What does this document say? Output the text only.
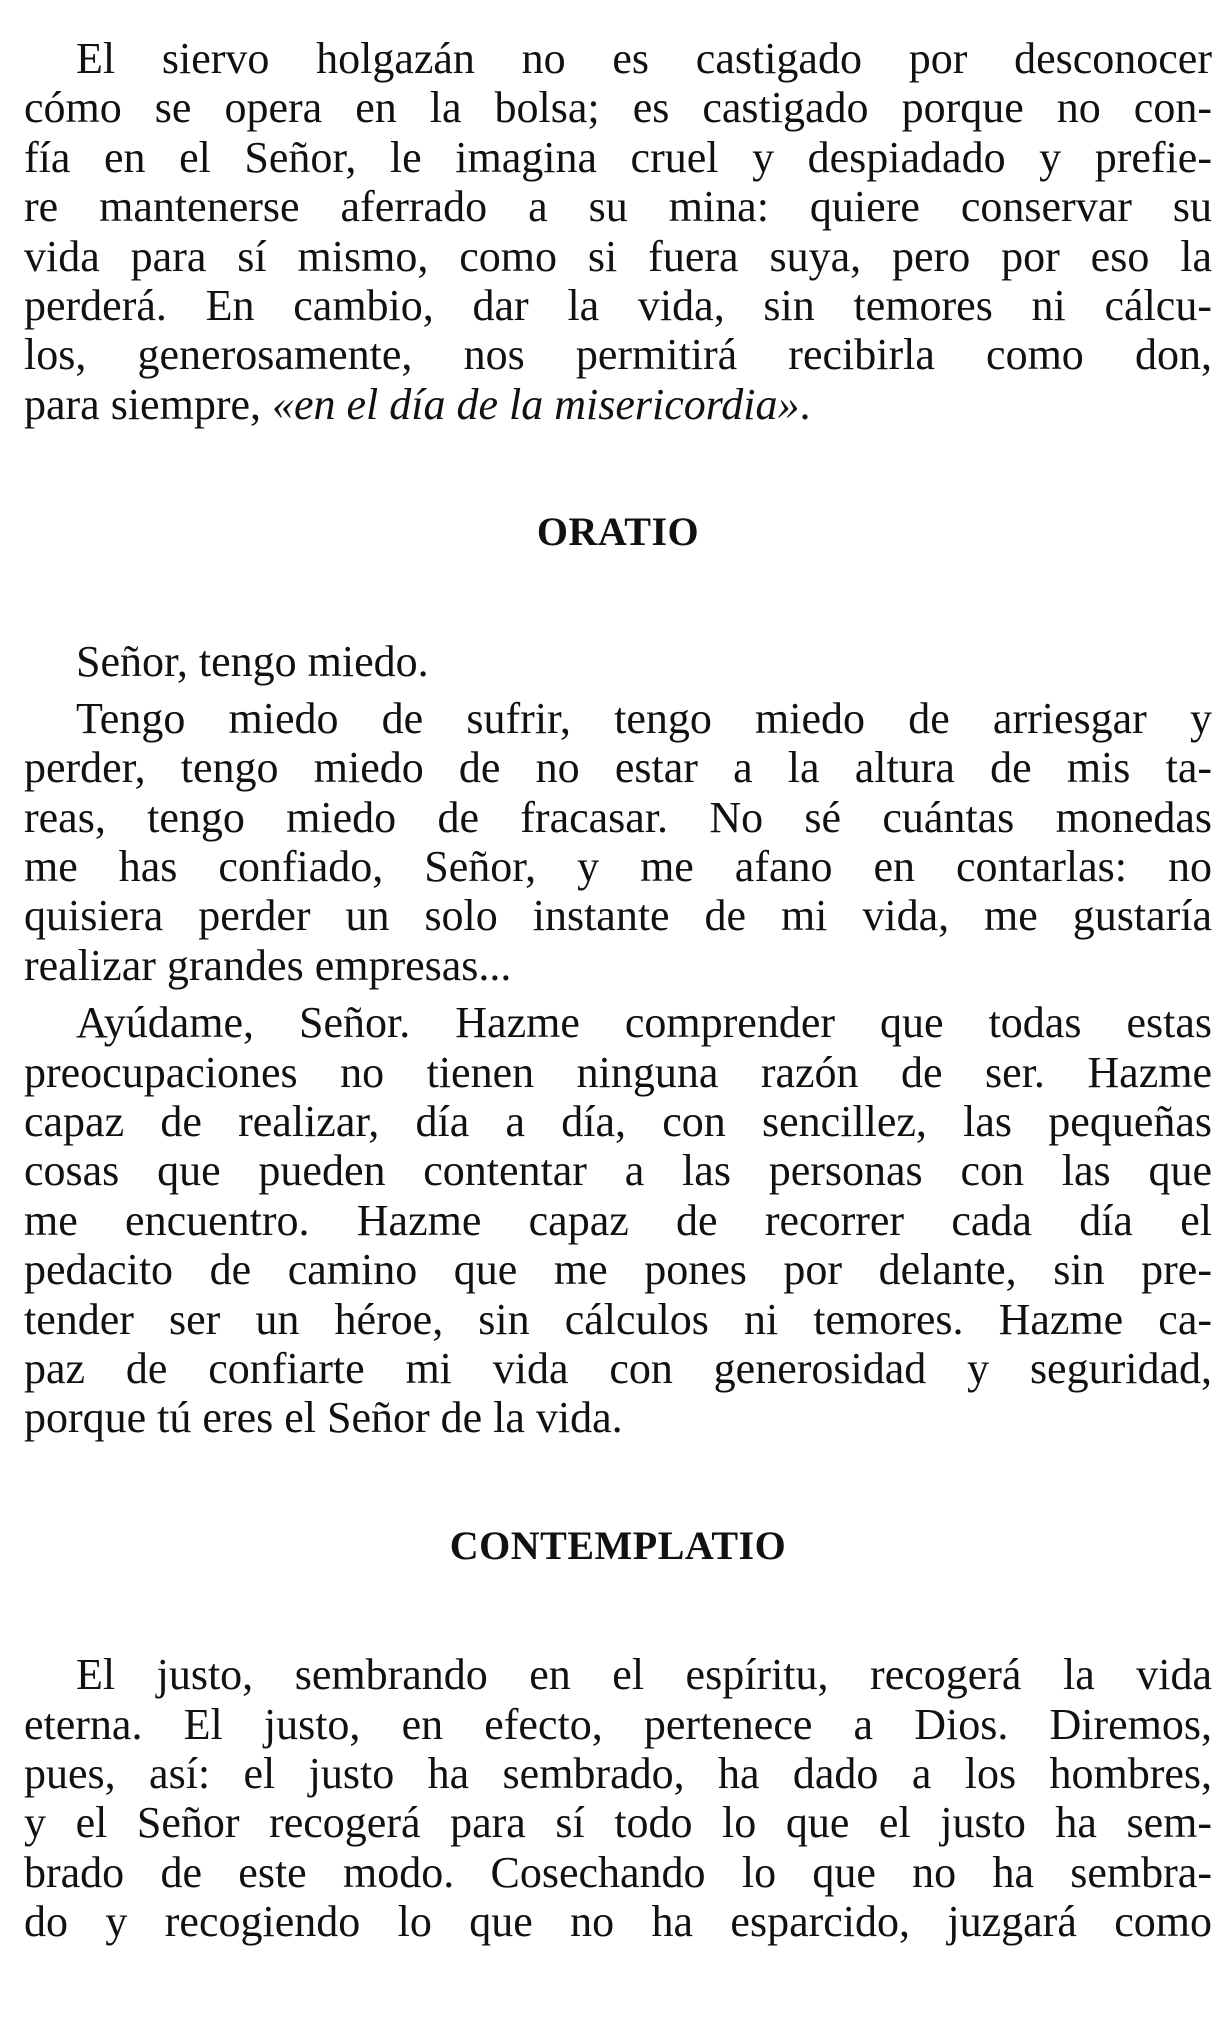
El siervo holgazán no es castigado por desconocer
cómo se opera en la bolsa; es castigado porque no con-
fía en el Señor, le imagina cruel y despiadado y prefie-
re mantenerse aferrado a su mina: quiere conservar su
vida para sí mismo, como si fuera suya, pero por eso la
perderá. En cambio, dar la vida, sin temores ni cálcu-
los, generosamente, nos permitirá recibirla como don,
para siempre, «en el día de la misericordia».
ORATIO
Señor, tengo miedo.
Tengo miedo de sufrir, tengo miedo de arriesgar y
perder, tengo miedo de no estar a la altura de mis ta-
reas, tengo miedo de fracasar. No sé cuántas monedas
me has confiado, Señor, y me afano en contarlas: no
quisiera perder un solo instante de mi vida, me gustaría
realizar grandes empresas...
Ayúdame, Señor. Hazme comprender que todas estas
preocupaciones no tienen ninguna razón de ser. Hazme
capaz de realizar, día a día, con sencillez, las pequeñas
cosas que pueden contentar a las personas con las que
me encuentro. Hazme capaz de recorrer cada día el
pedacito de camino que me pones por delante, sin pre-
tender ser un héroe, sin cálculos ni temores. Hazme ca-
paz de confiarte mi vida con generosidad y seguridad,
porque tú eres el Señor de la vida.
CONTEMPLATIO
El justo, sembrando en el espíritu, recogerá la vida
eterna. El justo, en efecto, pertenece a Dios. Diremos,
pues, así: el justo ha sembrado, ha dado a los hombres,
y el Señor recogerá para sí todo lo que el justo ha sem-
brado de este modo. Cosechando lo que no ha sembra-
do y recogiendo lo que no ha esparcido, juzgará como
